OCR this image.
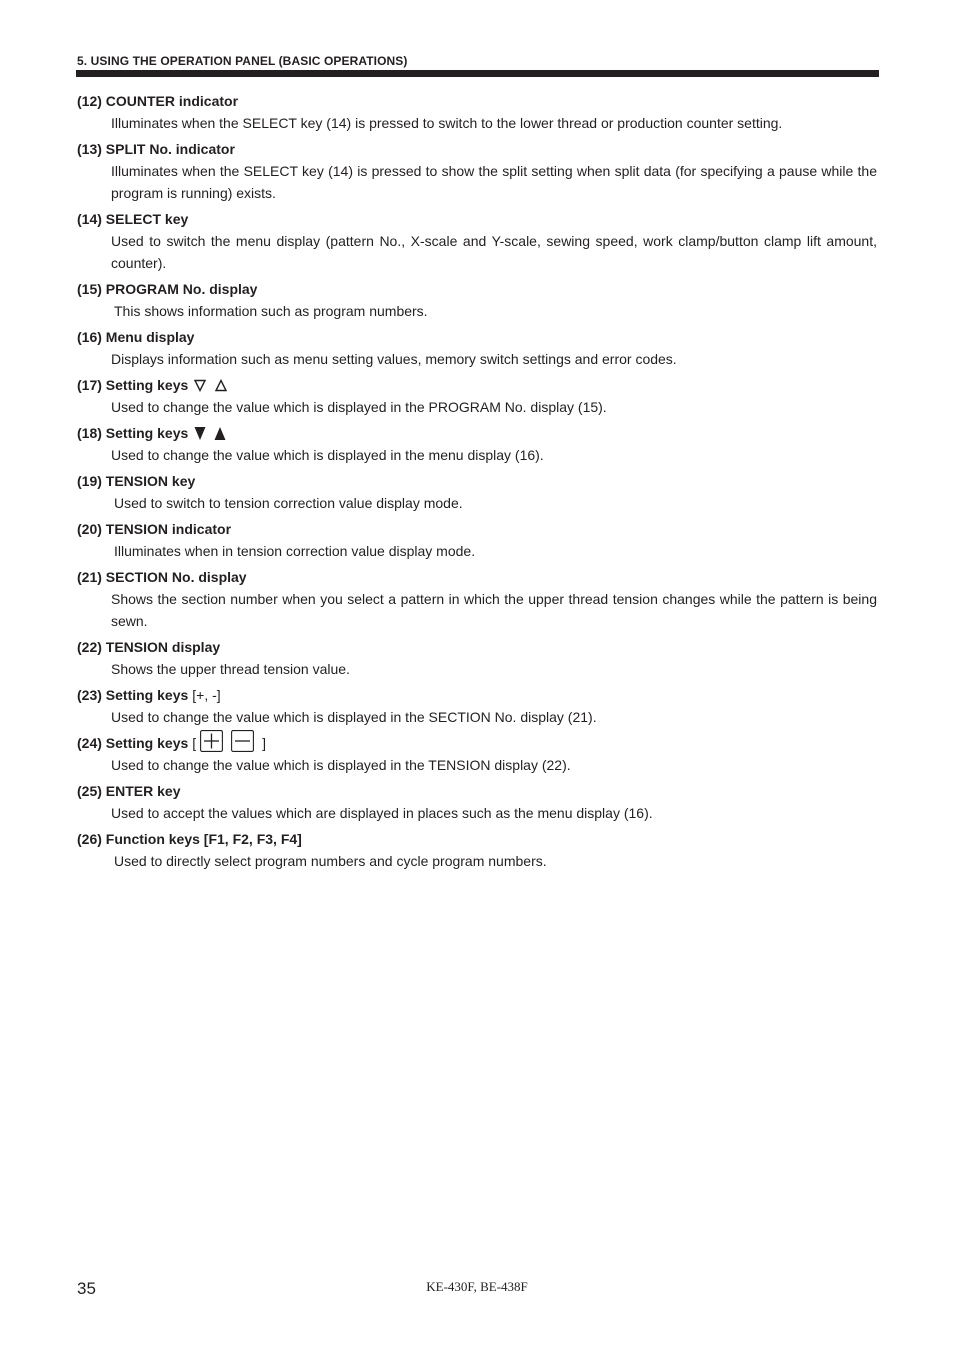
5. USING THE OPERATION PANEL (BASIC OPERATIONS)
(12) COUNTER indicator
Illuminates when the SELECT key (14) is pressed to switch to the lower thread or production counter setting.
(13) SPLIT No. indicator
Illuminates when the SELECT key (14) is pressed to show the split setting when split data (for specifying a pause while the program is running) exists.
(14) SELECT key
Used to switch the menu display (pattern No., X-scale and Y-scale, sewing speed, work clamp/button clamp lift amount, counter).
(15) PROGRAM No. display
This shows information such as program numbers.
(16) Menu display
Displays information such as menu setting values, memory switch settings and error codes.
(17) Setting keys
Used to change the value which is displayed in the PROGRAM No. display (15).
(18) Setting keys
Used to change the value which is displayed in the menu display (16).
(19) TENSION key
Used to switch to tension correction value display mode.
(20) TENSION indicator
Illuminates when in tension correction value display mode.
(21) SECTION No. display
Shows the section number when you select a pattern in which the upper thread tension changes while the pattern is being sewn.
(22) TENSION display
Shows the upper thread tension value.
(23) Setting keys [+, -]
Used to change the value which is displayed in the SECTION No. display (21).
(24) Setting keys [	]
Used to change the value which is displayed in the TENSION display (22).
(25) ENTER key
Used to accept the values which are displayed in places such as the menu display (16).
(26) Function keys [F1, F2, F3, F4]
Used to directly select program numbers and cycle program numbers.
35	KE-430F, BE-438F
